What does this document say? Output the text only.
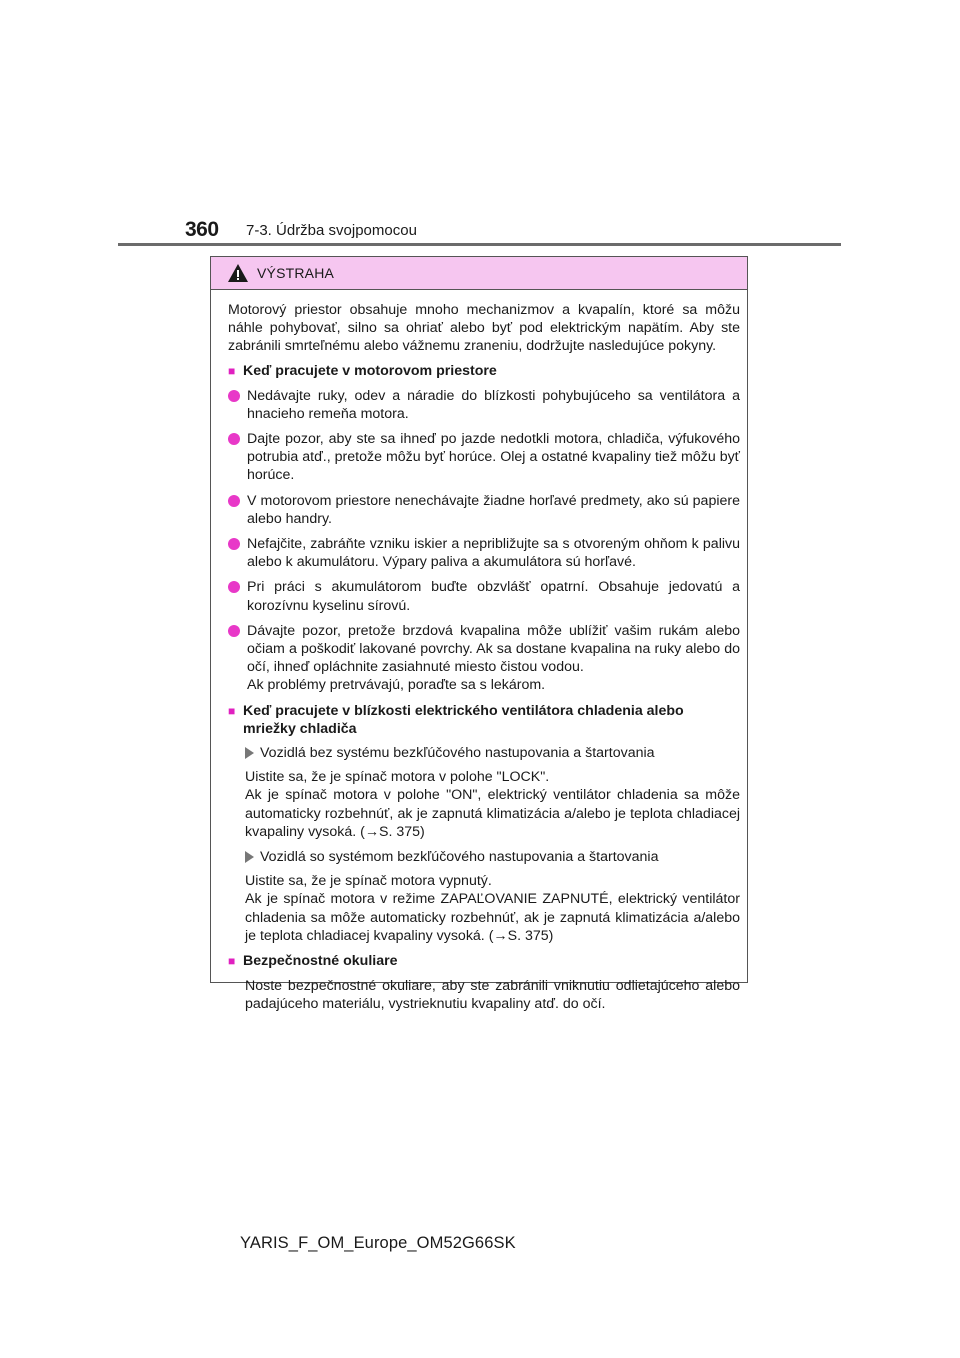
360 7-3. Údržba svojpomocou
VÝSTRAHA

Motorový priestor obsahuje mnoho mechanizmov a kvapalín, ktoré sa môžu náhle pohybovať, silno sa ohriať alebo byť pod elektrickým napätím. Aby ste zabránili smrteľnému alebo vážnemu zraneniu, dodržujte nasledujúce pokyny.

■ Keď pracujete v motorovom priestore
Nedávajte ruky, odev a náradie do blízkosti pohybujúceho sa ventilátora a hnacieho remeňa motora.
Dajte pozor, aby ste sa ihneď po jazde nedotkli motora, chladiča, výfukového potrubia atď., pretože môžu byť horúce. Olej a ostatné kvapaliny tiež môžu byť horúce.
V motorovom priestore nenechávajte žiadne horľavé predmety, ako sú papiere alebo handry.
Nefajčite, zabráňte vzniku iskier a nepribližujte sa s otvoreným ohňom k palivu alebo k akumulátoru. Výpary paliva a akumulátora sú horľavé.
Pri práci s akumulátorom buďte obzvlášť opatrní. Obsahuje jedovatú a korozívnu kyselinu sírovú.
Dávajte pozor, pretože brzdová kvapalina môže ublížiť vašim rukám alebo očiam a poškodiť lakované povrchy. Ak sa dostane kvapalina na ruky alebo do očí, ihneď opláchnite zasiahnuté miesto čistou vodou.
Ak problémy pretrvávajú, poraďte sa s lekárom.
■ Keď pracujete v blízkosti elektrického ventilátora chladenia alebo mriežky chladiča
Vozidlá bez systému bezkľúčového nastupovania a štartovania

Uistite sa, že je spínač motora v polohe "LOCK".
Ak je spínač motora v polohe "ON", elektrický ventilátor chladenia sa môže automaticky rozbehnúť, ak je zapnutá klimatizácia a/alebo je teplota chladiacej kvapaliny vysoká. (→S. 375)

Vozidlá so systémom bezkľúčového nastupovania a štartovania

Uistite sa, že je spínač motora vypnutý.
Ak je spínač motora v režime ZAPAĽOVANIE ZAPNUTÉ, elektrický ventilátor chladenia sa môže automaticky rozbehnúť, ak je zapnutá klimatizácia a/alebo je teplota chladiacej kvapaliny vysoká. (→S. 375)

■ Bezpečnostné okuliare

Noste bezpečnostné okuliare, aby ste zabránili vniknutiu odlietajúceho alebo padajúceho materiálu, vystrieknutiu kvapaliny atď. do očí.

YARIS_F_OM_Europe_OM52G66SK
